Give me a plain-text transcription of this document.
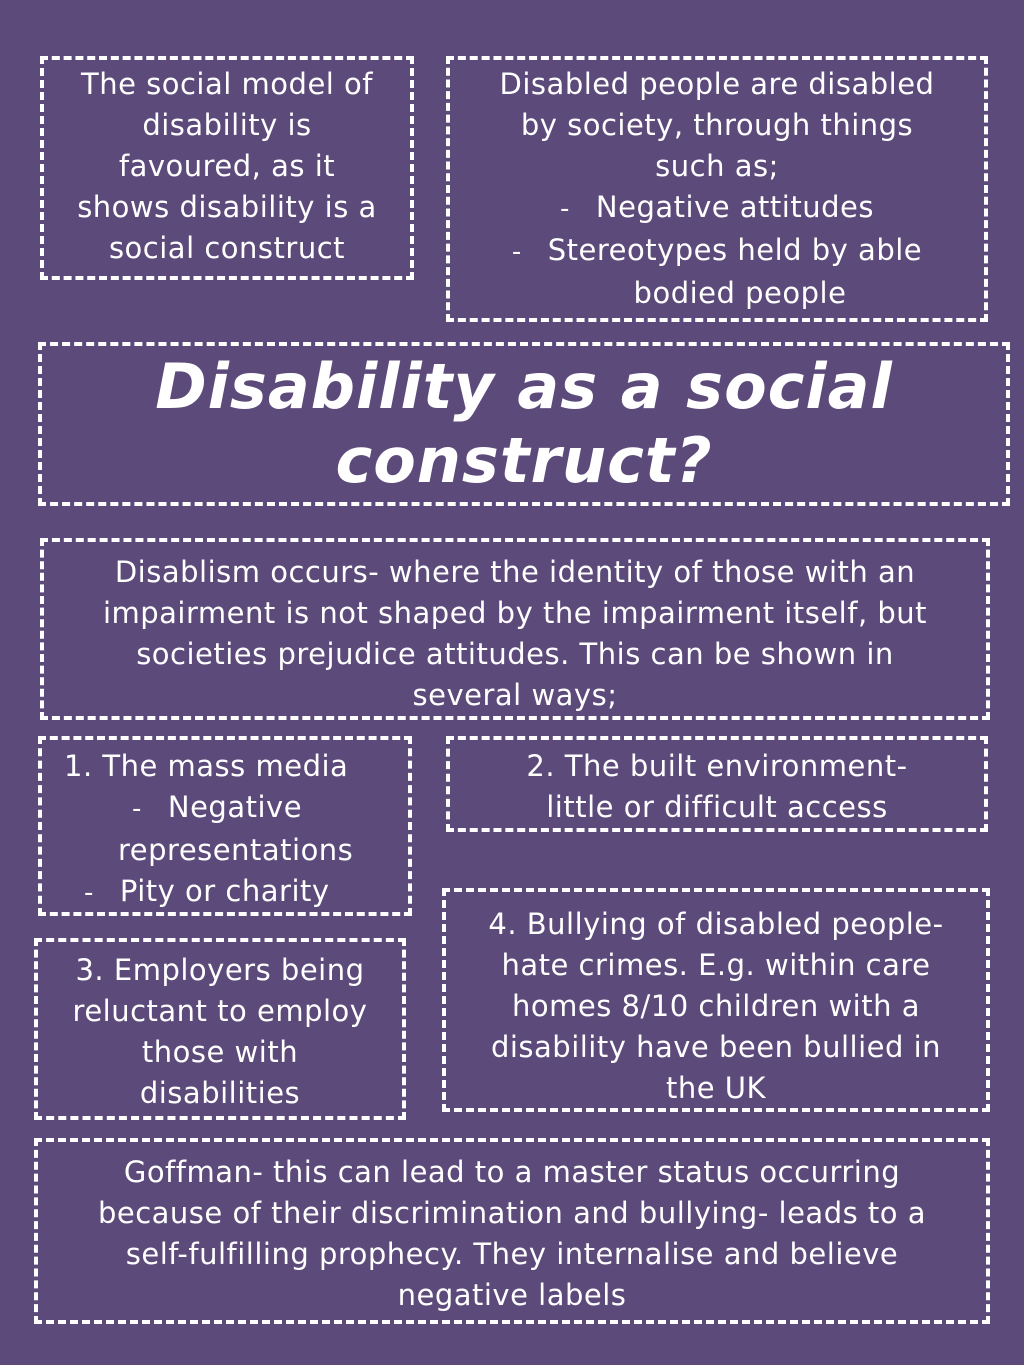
The social model of
disability is
favoured, as it
shows disability is a
social construct
Disabled people are disabled
by society, through things
such as;
- Negative attitudes
- Stereotypes held by able
bodied people
Disability as a social
construct?
Disablism occurs- where the identity of those with an
impairment is not shaped by the impairment itself, but
societies prejudice attitudes. This can be shown in
several ways;
1. The mass media
- Negative
representations
- Pity or charity
2. The built environment-
little or difficult access
3. Employers being
reluctant to employ
those with
disabilities
4. Bullying of disabled people-
hate crimes. E.g. within care
homes 8/10 children with a
disability have been bullied in
the UK
Goffman- this can lead to a master status occurring
because of their discrimination and bullying- leads to a
self-fulfilling prophecy. They internalise and believe
negative labels
